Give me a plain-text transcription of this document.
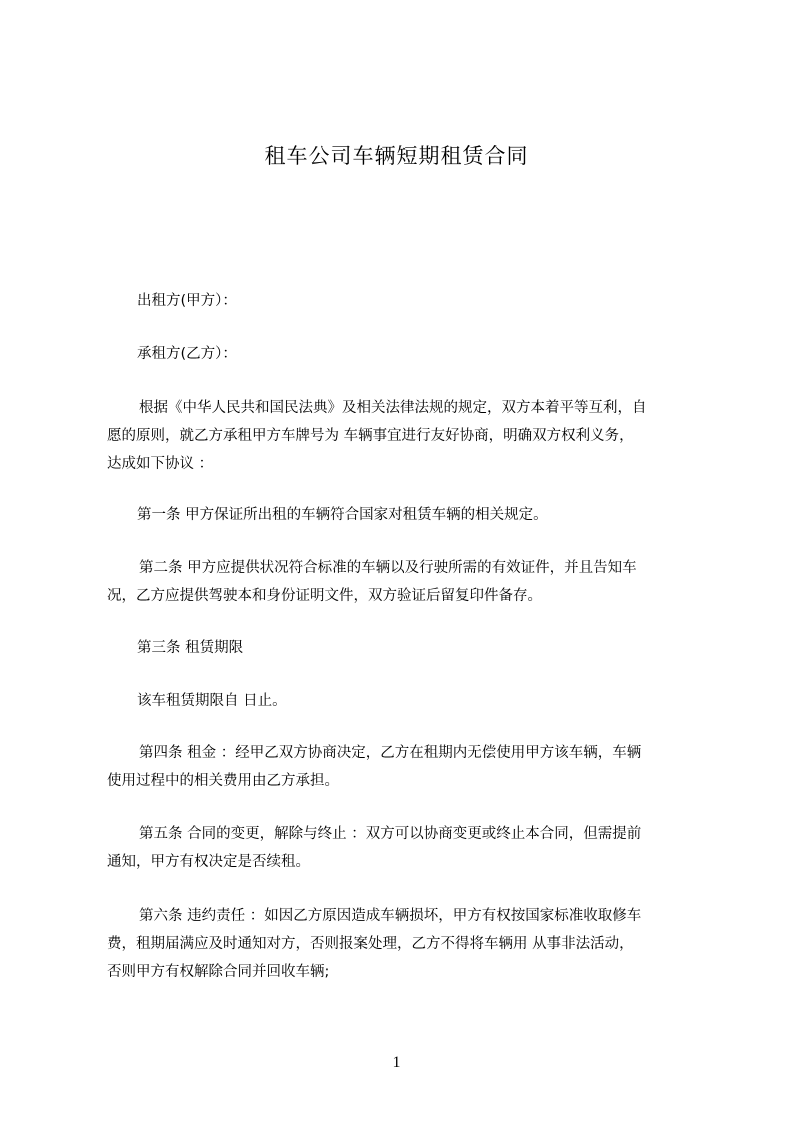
租车公司车辆短期租赁合同
出租方(甲方）：
承租方(乙方）：
根据《中华人民共和国民法典》及相关法律法规的规定，双方本着平等互利，自
愿的原则，就乙方承租甲方车牌号为 车辆事宜进行友好协商，明确双方权利义务，
达成如下协议 ：
第一条 甲方保证所出租的车辆符合国家对租赁车辆的相关规定。
第二条 甲方应提供状况符合标准的车辆以及行驶所需的有效证件，并且告知车
况，乙方应提供驾驶本和身份证明文件，双方验证后留复印件备存。
第三条 租赁期限
该车租赁期限自 日止。
第四条 租金 ：经甲乙双方协商决定，乙方在租期内无偿使用甲方该车辆，车辆
使用过程中的相关费用由乙方承担。
第五条 合同的变更，解除与终止 ：双方可以协商变更或终止本合同，但需提前
通知，甲方有权决定是否续租。
第六条 违约责任 ：如因乙方原因造成车辆损坏，甲方有权按国家标准收取修车
费，租期届满应及时通知对方，否则报案处理，乙方不得将车辆用 从事非法活动，
否则甲方有权解除合同并回收车辆;
1
